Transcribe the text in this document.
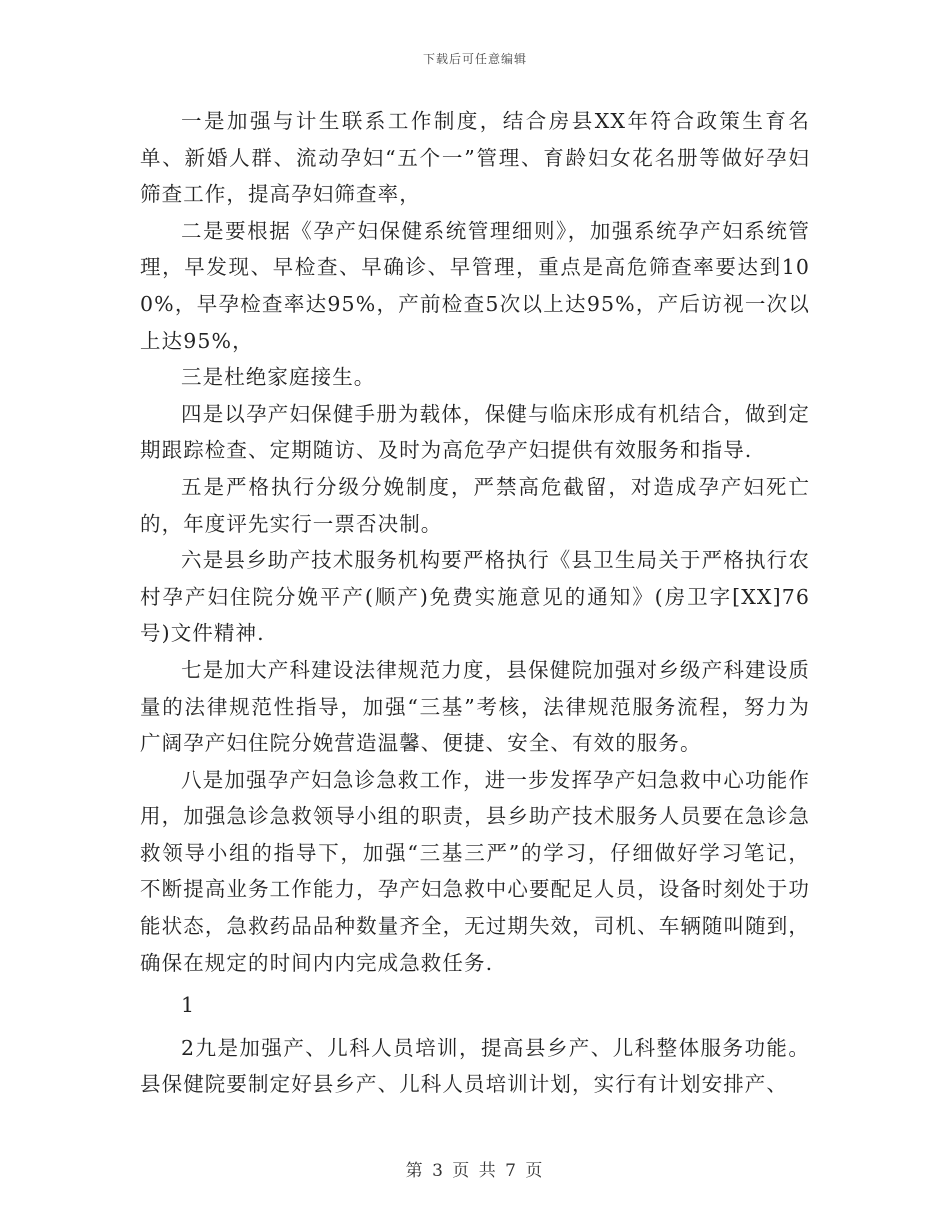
下载后可任意编辑

一是加强与计生联系工作制度，结合房县XX年符合政策生育名单、新婚人群、流动孕妇“五个一”管理、育龄妇女花名册等做好孕妇筛查工作，提高孕妇筛查率，

二是要根据《孕产妇保健系统管理细则》，加强系统孕产妇系统管理，早发现、早检查、早确诊、早管理，重点是高危筛查率要达到100%，早孕检查率达95%，产前检查5次以上达95%，产后访视一次以上达95%，

三是杜绝家庭接生。

四是以孕产妇保健手册为载体，保健与临床形成有机结合，做到定期跟踪检查、定期随访、及时为高危孕产妇提供有效服务和指导.

五是严格执行分级分娩制度，严禁高危截留，对造成孕产妇死亡的，年度评先实行一票否决制。

六是县乡助产技术服务机构要严格执行《县卫生局关于严格执行农村孕产妇住院分娩平产(顺产)免费实施意见的通知》(房卫字[XX]76号)文件精神.

七是加大产科建设法律规范力度，县保健院加强对乡级产科建设质量的法律规范性指导，加强“三基”考核，法律规范服务流程，努力为广阔孕产妇住院分娩营造温馨、便捷、安全、有效的服务。

八是加强孕产妇急诊急救工作，进一步发挥孕产妇急救中心功能作用，加强急诊急救领导小组的职责，县乡助产技术服务人员要在急诊急救领导小组的指导下，加强“三基三严”的学习，仔细做好学习笔记，不断提高业务工作能力，孕产妇急救中心要配足人员，设备时刻处于功能状态，急救药品品种数量齐全，无过期失效，司机、车辆随叫随到，确保在规定的时间内内完成急救任务.

1

2九是加强产、儿科人员培训，提高县乡产、儿科整体服务功能。县保健院要制定好县乡产、儿科人员培训计划，实行有计划安排产、

第 3 页 共 7 页
